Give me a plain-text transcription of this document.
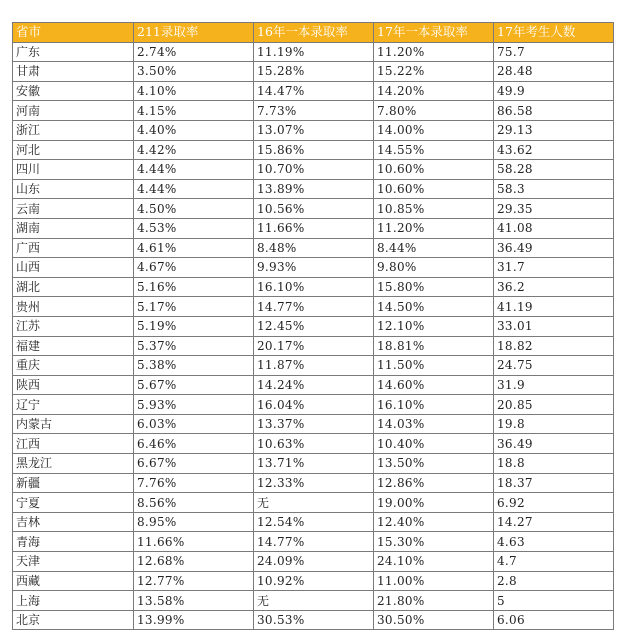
省市	211录取率	16年一本录取率	17年一本录取率	17年考生人数
广东	2.74%	11.19%	11.20%	75.7
甘肃	3.50%	15.28%	15.22%	28.48
安徽	4.10%	14.47%	14.20%	49.9
河南	4.15%	7.73%	7.80%	86.58
浙江	4.40%	13.07%	14.00%	29.13
河北	4.42%	15.86%	14.55%	43.62
四川	4.44%	10.70%	10.60%	58.28
山东	4.44%	13.89%	10.60%	58.3
云南	4.50%	10.56%	10.85%	29.35
湖南	4.53%	11.66%	11.20%	41.08
广西	4.61%	8.48%	8.44%	36.49
山西	4.67%	9.93%	9.80%	31.7
湖北	5.16%	16.10%	15.80%	36.2
贵州	5.17%	14.77%	14.50%	41.19
江苏	5.19%	12.45%	12.10%	33.01
福建	5.37%	20.17%	18.81%	18.82
重庆	5.38%	11.87%	11.50%	24.75
陕西	5.67%	14.24%	14.60%	31.9
辽宁	5.93%	16.04%	16.10%	20.85
内蒙古	6.03%	13.37%	14.03%	19.8
江西	6.46%	10.63%	10.40%	36.49
黑龙江	6.67%	13.71%	13.50%	18.8
新疆	7.76%	12.33%	12.86%	18.37
宁夏	8.56%	无	19.00%	6.92
吉林	8.95%	12.54%	12.40%	14.27
青海	11.66%	14.77%	15.30%	4.63
天津	12.68%	24.09%	24.10%	4.7
西藏	12.77%	10.92%	11.00%	2.8
上海	13.58%	无	21.80%	5
北京	13.99%	30.53%	30.50%	6.06
